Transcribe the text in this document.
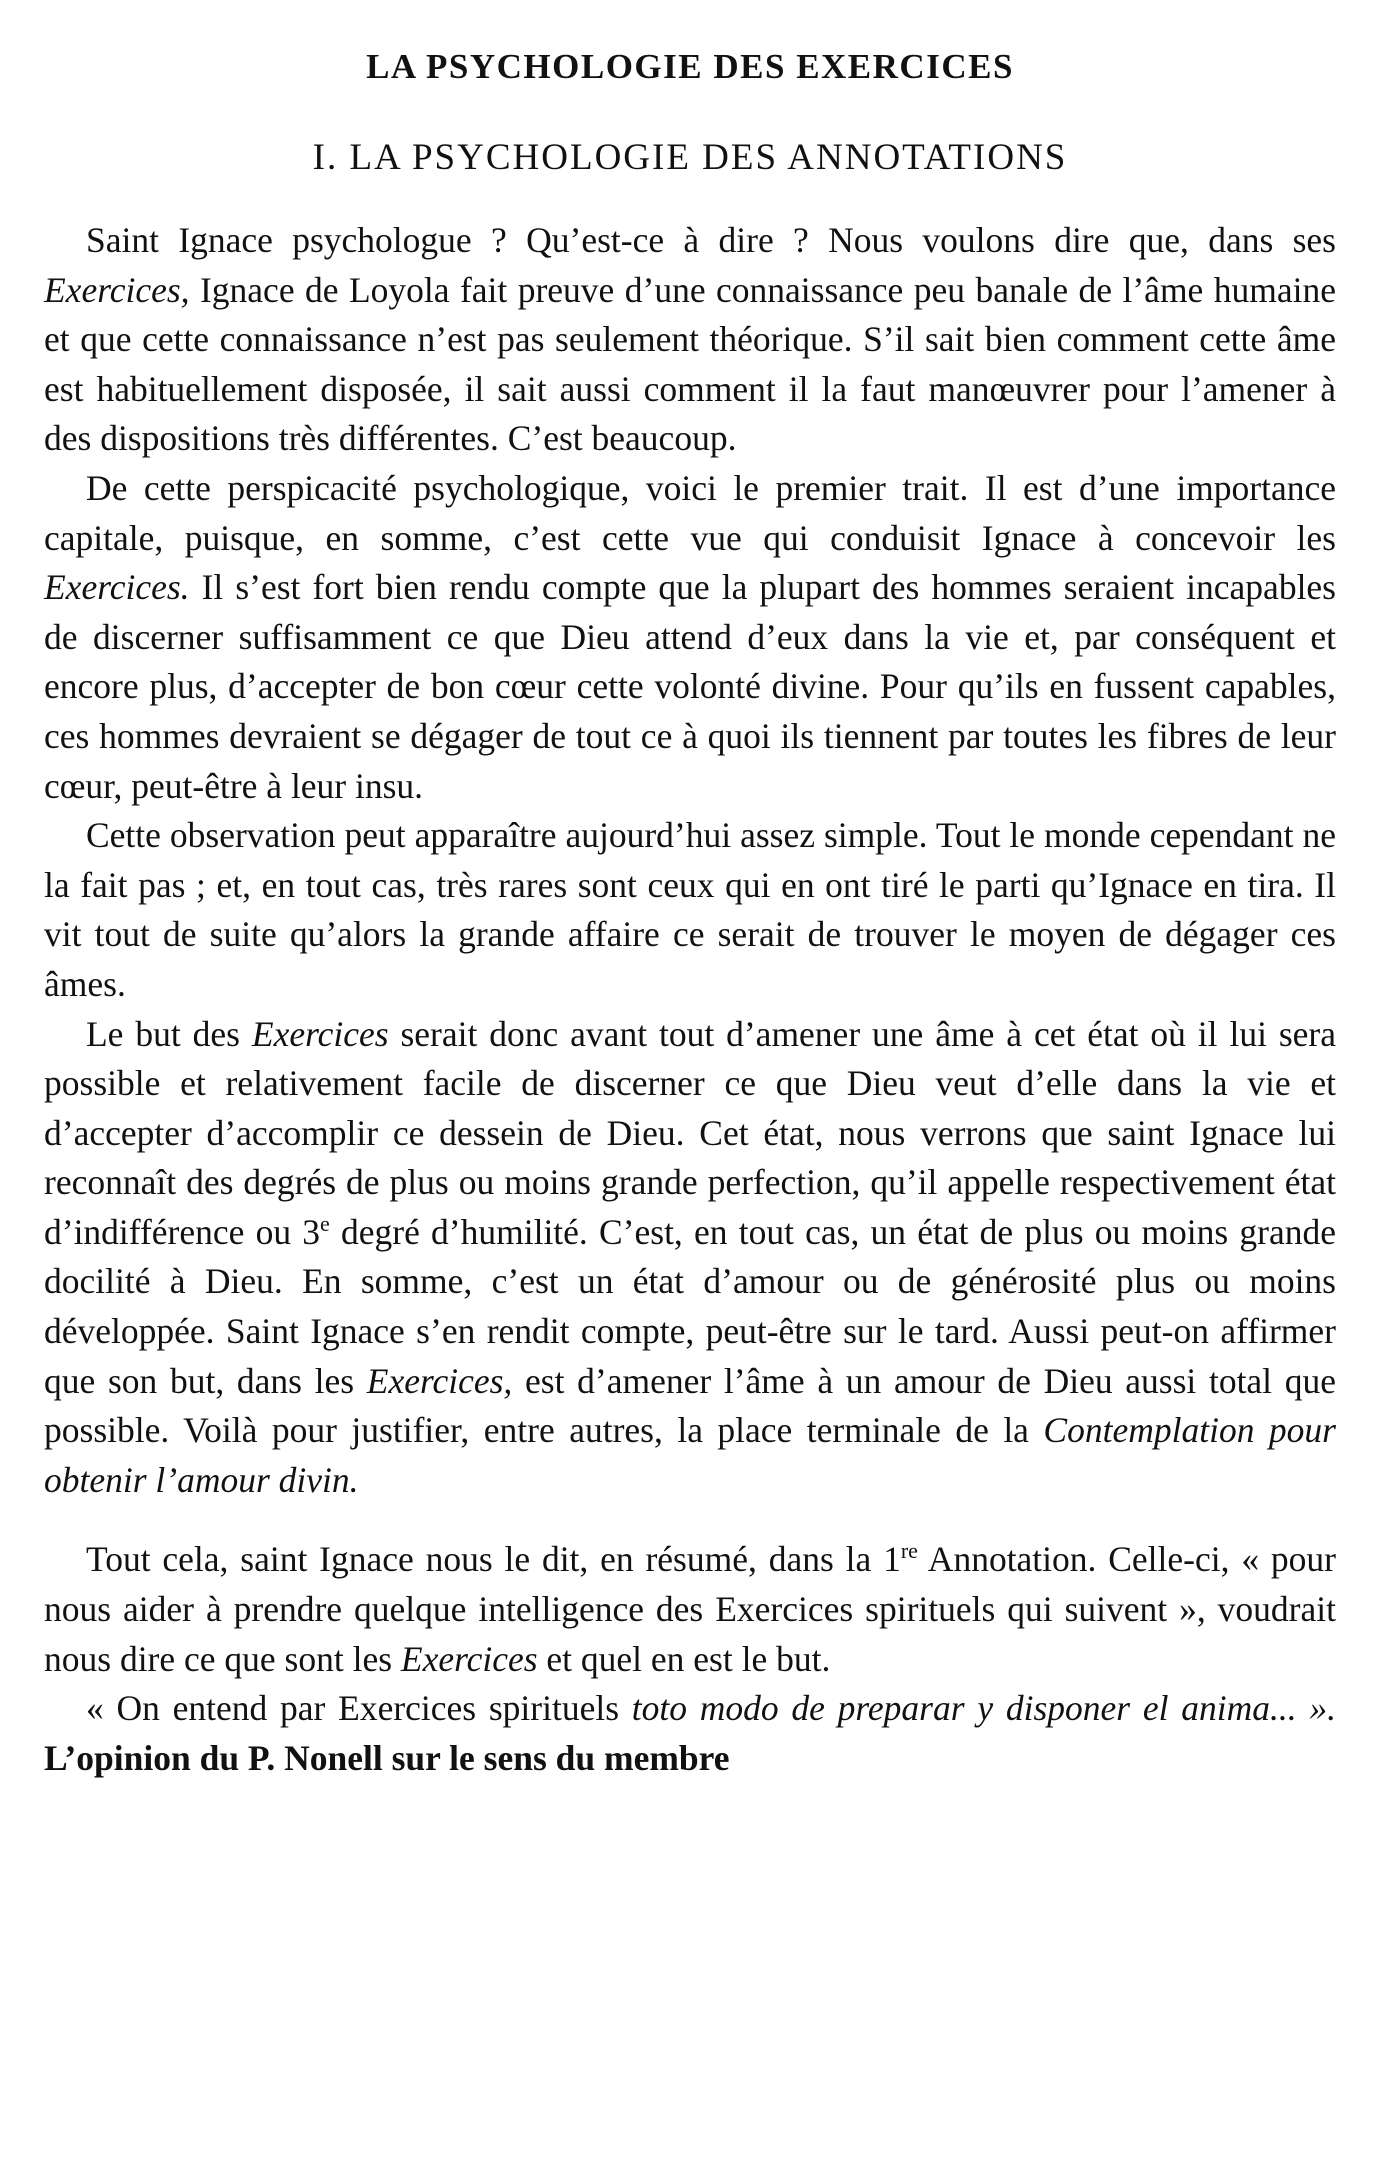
LA PSYCHOLOGIE DES EXERCICES
I. LA PSYCHOLOGIE DES ANNOTATIONS

Saint Ignace psychologue ? Qu’est-ce à dire ? Nous voulons dire que, dans ses Exercices, Ignace de Loyola fait preuve d’une connaissance peu banale de l’âme humaine et que cette connaissance n’est pas seulement théorique. S’il sait bien comment cette âme est habituellement disposée, il sait aussi comment il la faut manœuvrer pour l’amener à des dispositions très différentes. C’est beaucoup.

De cette perspicacité psychologique, voici le premier trait. Il est d’une importance capitale, puisque, en somme, c’est cette vue qui conduisit Ignace à concevoir les Exercices. Il s’est fort bien rendu compte que la plupart des hommes seraient incapables de discerner suffisamment ce que Dieu attend d’eux dans la vie et, par conséquent et encore plus, d’accepter de bon cœur cette volonté divine. Pour qu’ils en fussent capables, ces hommes devraient se dégager de tout ce à quoi ils tiennent par toutes les fibres de leur cœur, peut-être à leur insu.

Cette observation peut apparaître aujourd’hui assez simple. Tout le monde cependant ne la fait pas ; et, en tout cas, très rares sont ceux qui en ont tiré le parti qu’Ignace en tira. Il vit tout de suite qu’alors la grande affaire ce serait de trouver le moyen de dégager ces âmes.

Le but des Exercices serait donc avant tout d’amener une âme à cet état où il lui sera possible et relativement facile de discerner ce que Dieu veut d’elle dans la vie et d’accepter d’accomplir ce dessein de Dieu. Cet état, nous verrons que saint Ignace lui reconnaît des degrés de plus ou moins grande perfection, qu’il appelle respectivement état d’indifférence ou 3e degré d’humilité. C’est, en tout cas, un état de plus ou moins grande docilité à Dieu. En somme, c’est un état d’amour ou de générosité plus ou moins développée. Saint Ignace s’en rendit compte, peut-être sur le tard. Aussi peut-on affirmer que son but, dans les Exercices, est d’amener l’âme à un amour de Dieu aussi total que possible. Voilà pour justifier, entre autres, la place terminale de la Contemplation pour obtenir l’amour divin.

Tout cela, saint Ignace nous le dit, en résumé, dans la 1re Annotation. Celle-ci, « pour nous aider à prendre quelque intelligence des Exercices spirituels qui suivent », voudrait nous dire ce que sont les Exercices et quel en est le but.

« On entend par Exercices spirituels toto modo de preparar y disponer el anima... ». L’opinion du P. Nonell sur le sens du membre
